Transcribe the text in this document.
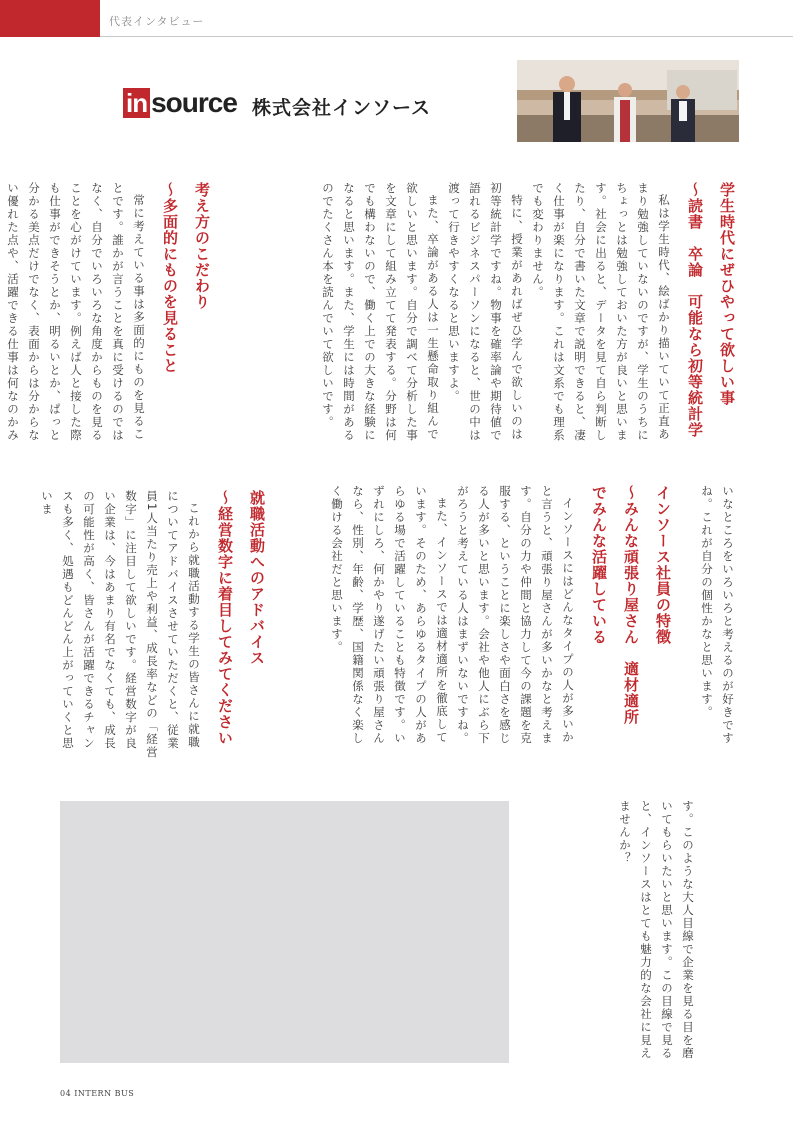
代表インタビュー
in source 株式会社インソース
学生時代にぜひやって欲しい事
～読書　卒論　可能なら初等統計学

私は学生時代、絵ばかり描いていて正直あまり勉強していないのですが、学生のうちにちょっとは勉強しておいた方が良いと思います。社会に出ると、データを見て自ら判断したり、自分で書いた文章で説明できると、凄く仕事が楽になります。これは文系でも理系でも変わりません。

特に、授業があればぜひ学んで欲しいのは初等統計学ですね。物事を確率論や期待値で語れるビジネスパーソンになると、世の中は渡って行きやすくなると思いますよ。

また、卒論がある人は一生懸命取り組んで欲しいと思います。自分で調べて分析した事を文章にして組み立てて発表する。分野は何でも構わないので、働く上での大きな経験になると思います。また、学生には時間があるのでたくさん本を読んでいて欲しいです。

考え方のこだわり
～多面的にものを見ること

常に考えている事は多面的にものを見ることです。誰かが言うことを真に受けるのではなく、自分でいろいろな角度からものを見ることを心がけています。例えば人と接した際も仕事ができそうとか、明るいとか、ぱっと分かる美点だけでなく、表面からは分からない優れた点や、活躍できる仕事は何なのかみ

いなところをいろいろと考えるのが好きですね。これが自分の個性かなと思います。

インソース社員の特徴
～みんな頑張り屋さん　適材適所
でみんな活躍している

インソースにはどんなタイプの人が多いかと言うと、頑張り屋さんが多いかなと考えます。自分の力や仲間と協力して今の課題を克服する、ということに楽しさや面白さを感じる人が多いと思います。会社や他人にぶら下がろうと考えている人はまずいないですね。

また、インソースでは適材適所を徹底しています。そのため、あらゆるタイプの人があらゆる場で活躍していることも特徴です。いずれにしろ、何かやり遂げたい頑張り屋さんなら、性別、年齢、学歴、国籍関係なく楽しく働ける会社だと思います。

就職活動へのアドバイス
～経営数字に着目してみてください

これから就職活動する学生の皆さんに就職についてアドバイスさせていただくと、従業員1人当たり売上や利益、成長率などの「経営数字」に注目して欲しいです。経営数字が良い企業は、今はあまり有名でなくても、成長の可能性が高く、皆さんが活躍できるチャンスも多く、処遇もどんどん上がっていくと思いま

す。このような大人目線で企業を見る目を磨いてもらいたいと思います。この目線で見ると、インソースはとても魅力的な会社に見えませんか？

04 INTERN BUS
